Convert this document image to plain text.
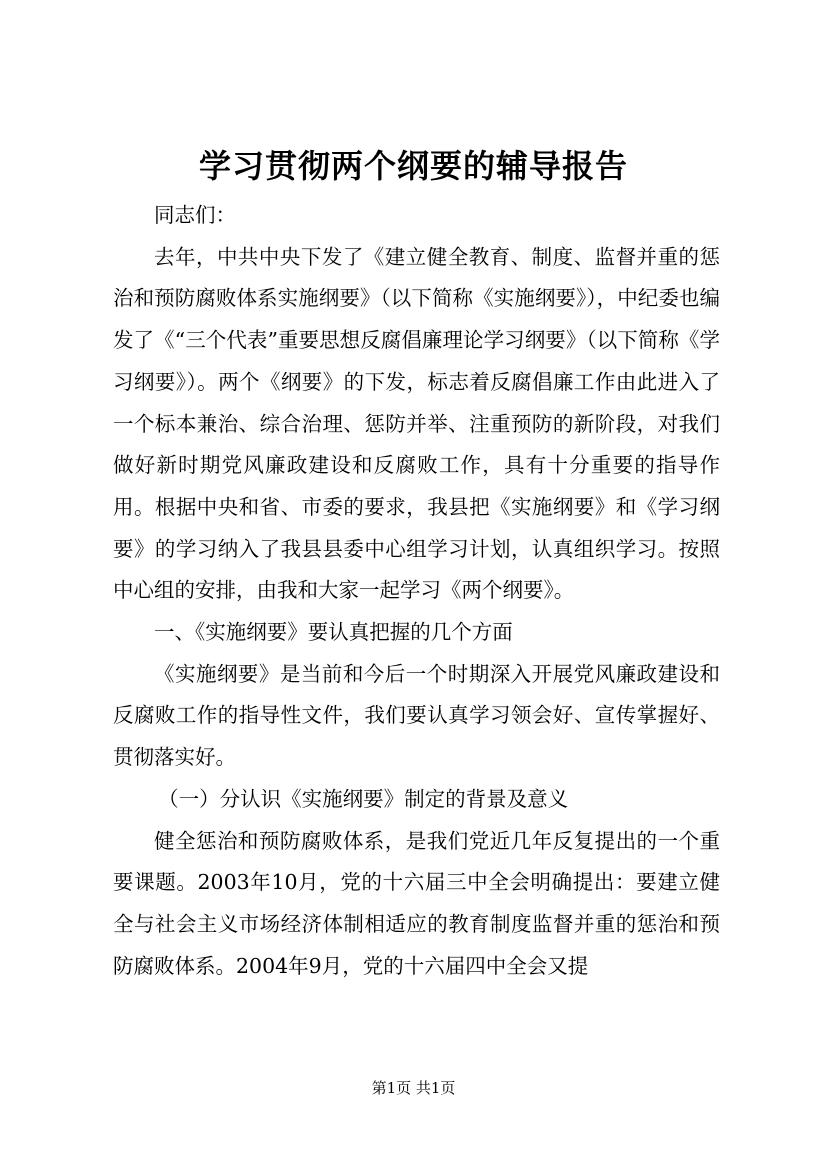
学习贯彻两个纲要的辅导报告

同志们：

去年，中共中央下发了《建立健全教育、制度、监督并重的惩治和预防腐败体系实施纲要》（以下简称《实施纲要》），中纪委也编发了《“三个代表”重要思想反腐倡廉理论学习纲要》（以下简称《学习纲要》）。两个《纲要》的下发，标志着反腐倡廉工作由此进入了一个标本兼治、综合治理、惩防并举、注重预防的新阶段，对我们做好新时期党风廉政建设和反腐败工作，具有十分重要的指导作用。根据中央和省、市委的要求，我县把《实施纲要》和《学习纲要》的学习纳入了我县县委中心组学习计划，认真组织学习。按照中心组的安排，由我和大家一起学习《两个纲要》。

一、《实施纲要》要认真把握的几个方面

《实施纲要》是当前和今后一个时期深入开展党风廉政建设和反腐败工作的指导性文件，我们要认真学习领会好、宣传掌握好、贯彻落实好。

（一）分认识《实施纲要》制定的背景及意义

健全惩治和预防腐败体系，是我们党近几年反复提出的一个重要课题。2003年10月，党的十六届三中全会明确提出：要建立健全与社会主义市场经济体制相适应的教育制度监督并重的惩治和预防腐败体系。2004年9月，党的十六届四中全会又提

第1页 共1页
